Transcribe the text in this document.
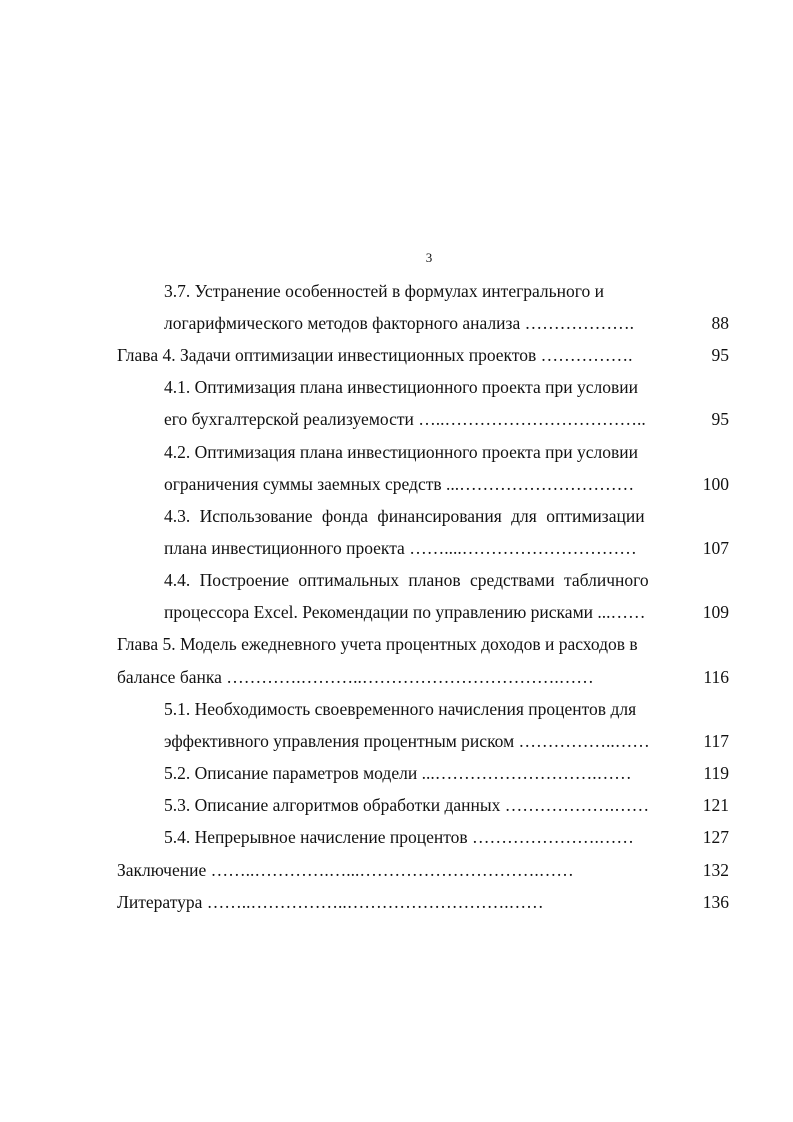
3
3.7. Устранение особенностей в формулах интегрального и
логарифмического методов факторного анализа ……………….	88
Глава 4. Задачи оптимизации инвестиционных проектов …………….	95
4.1. Оптимизация плана инвестиционного проекта при условии
его бухгалтерской реализуемости …..……………………………..	95
4.2. Оптимизация плана инвестиционного проекта при условии
ограничения суммы заемных средств ...…………………………	100
4.3. Использование фонда финансирования для оптимизации
плана инвестиционного проекта ……....…………………………	107
4.4. Построение оптимальных планов средствами табличного
процессора Excel. Рекомендации по управлению рисками ...……	109
Глава 5. Модель ежедневного учета процентных доходов и расходов в
балансе банка ………….………..…………………………….……	116
5.1. Необходимость своевременного начисления процентов для
эффективного управления процентным риском ……………..……	117
5.2. Описание параметров модели ...……………………….……	119
5.3. Описание алгоритмов обработки данных ……………….……	121
5.4. Непрерывное начисление процентов ………………….……	127
Заключение ……..………….…...………………………….……	132
Литература ……..……………..……………………….……	136
